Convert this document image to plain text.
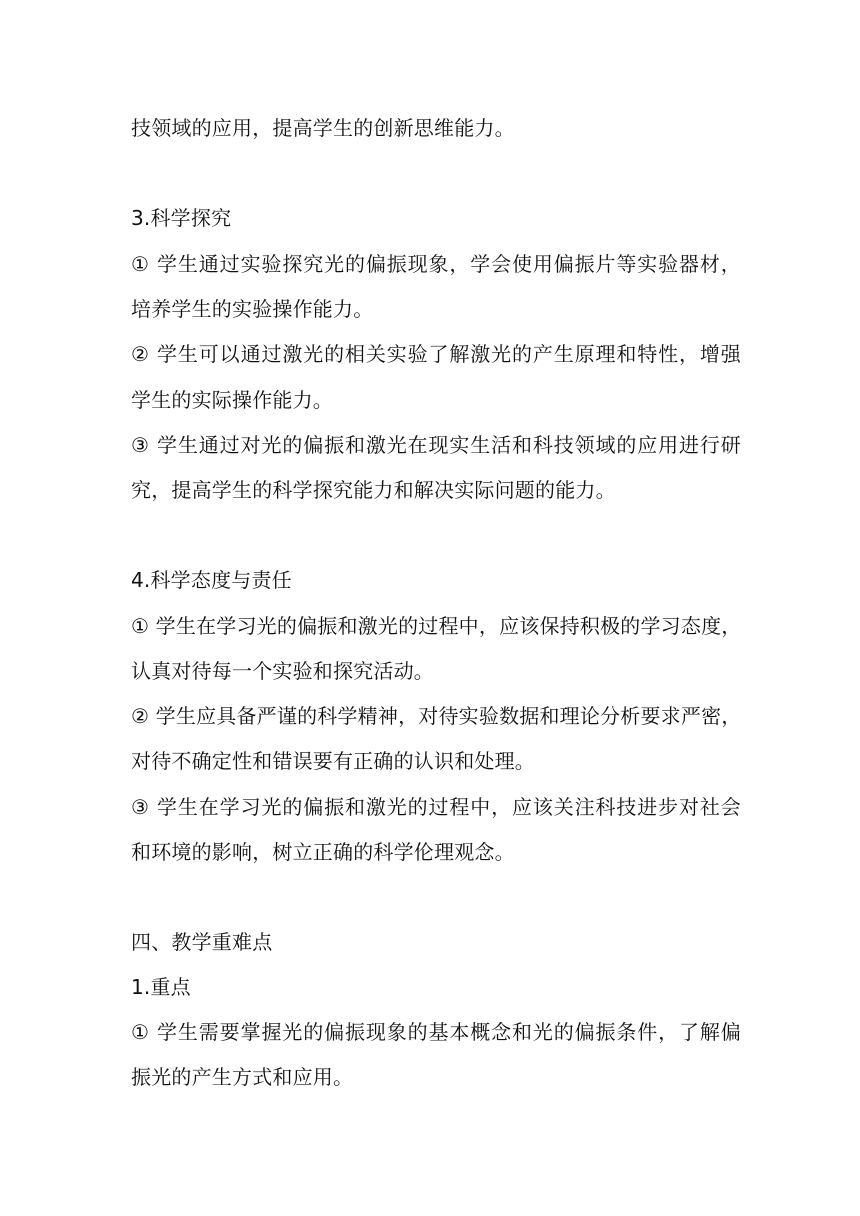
技领域的应用，提高学生的创新思维能力。
3.科学探究
① 学生通过实验探究光的偏振现象，学会使用偏振片等实验器材，
培养学生的实验操作能力。
② 学生可以通过激光的相关实验了解激光的产生原理和特性，增强
学生的实际操作能力。
③ 学生通过对光的偏振和激光在现实生活和科技领域的应用进行研
究，提高学生的科学探究能力和解决实际问题的能力。
4.科学态度与责任
① 学生在学习光的偏振和激光的过程中，应该保持积极的学习态度，
认真对待每一个实验和探究活动。
② 学生应具备严谨的科学精神，对待实验数据和理论分析要求严密，
对待不确定性和错误要有正确的认识和处理。
③ 学生在学习光的偏振和激光的过程中，应该关注科技进步对社会
和环境的影响，树立正确的科学伦理观念。
四、教学重难点
1.重点
① 学生需要掌握光的偏振现象的基本概念和光的偏振条件，了解偏
振光的产生方式和应用。
